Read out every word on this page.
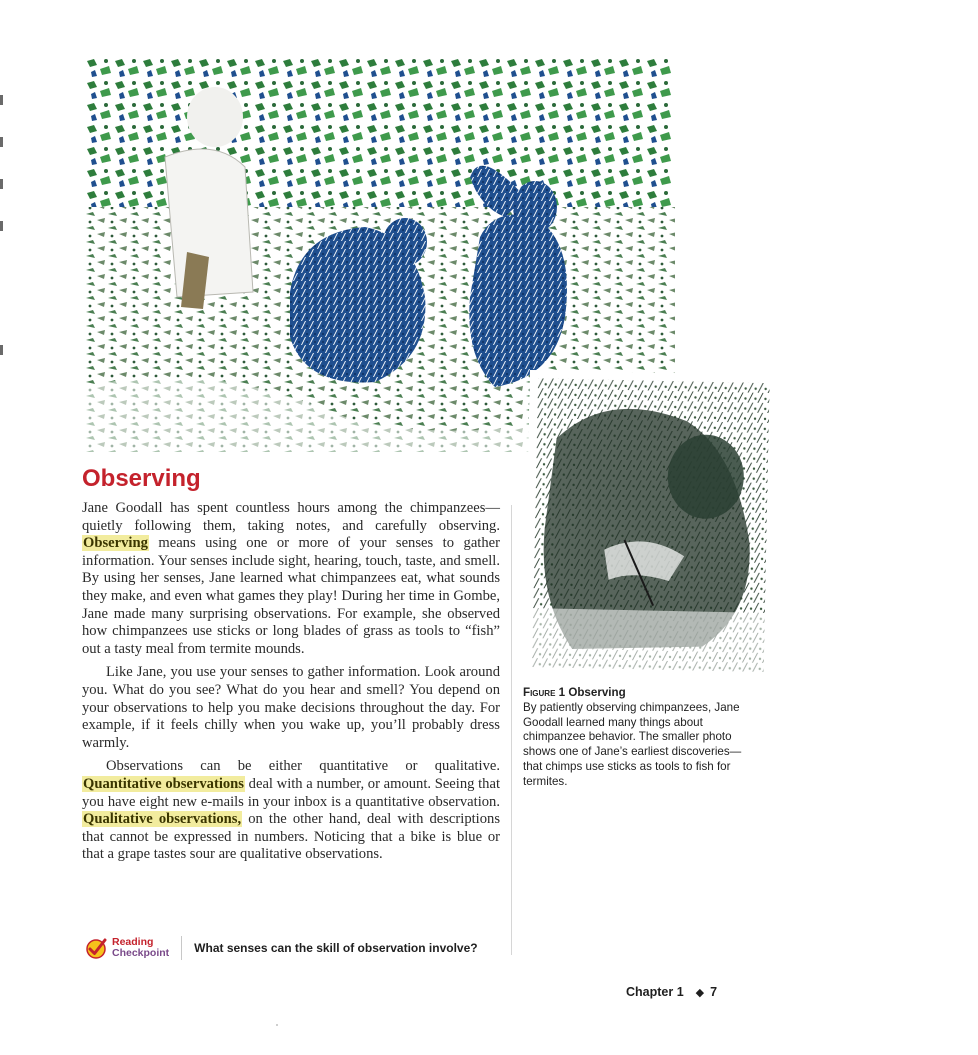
Observing

Jane Goodall has spent countless hours among the chimpanzees—quietly following them, taking notes, and carefully observing. Observing means using one or more of your senses to gather information. Your senses include sight, hearing, touch, taste, and smell. By using her senses, Jane learned what chimpanzees eat, what sounds they make, and even what games they play! During her time in Gombe, Jane made many surprising observations. For example, she observed how chimpanzees use sticks or long blades of grass as tools to “fish” out a tasty meal from termite mounds.

Like Jane, you use your senses to gather information. Look around you. What do you see? What do you hear and smell? You depend on your observations to help you make decisions throughout the day. For example, if it feels chilly when you wake up, you’ll probably dress warmly.

Observations can be either quantitative or qualitative. Quantitative observations deal with a number, or amount. Seeing that you have eight new e-mails in your inbox is a quantitative observation. Qualitative observations, on the other hand, deal with descriptions that cannot be expressed in numbers. Noticing that a bike is blue or that a grape tastes sour are qualitative observations.

Figure 1 Observing
By patiently observing chimpanzees, Jane Goodall learned many things about chimpanzee behavior. The smaller photo shows one of Jane’s earliest discoveries—that chimps use sticks as tools to fish for termites.
Reading
Checkpoint What senses can the skill of observation involve?
Chapter 1 ◆ 7
